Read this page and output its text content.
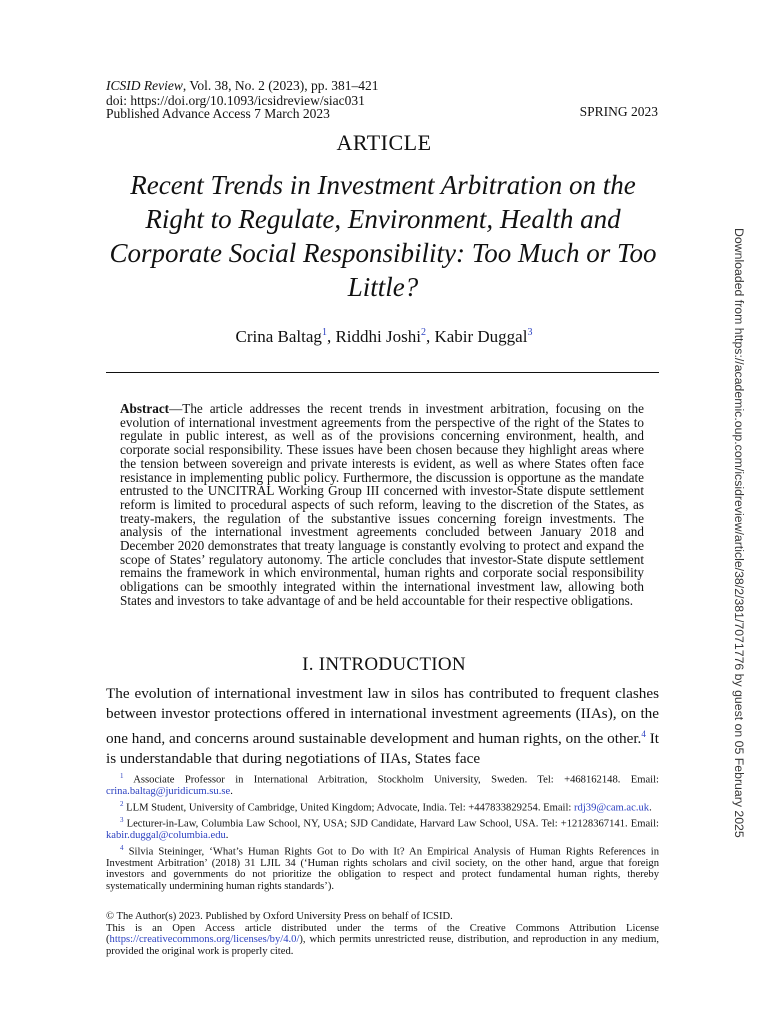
ICSID Review, Vol. 38, No. 2 (2023), pp. 381–421
doi: https://doi.org/10.1093/icsidreview/siac031
Published Advance Access 7 March 2023	SPRING 2023
ARTICLE
Recent Trends in Investment Arbitration on the Right to Regulate, Environment, Health and Corporate Social Responsibility: Too Much or Too Little?
Crina Baltag$^1$, Riddhi Joshi$^2$, Kabir Duggal$^3$
Abstract—The article addresses the recent trends in investment arbitration, focusing on the evolution of international investment agreements from the perspective of the right of the States to regulate in public interest, as well as of the provisions concerning environment, health, and corporate social responsibility. These issues have been chosen because they highlight areas where the tension between sovereign and private interests is evident, as well as where States often face resistance in implementing public policy. Furthermore, the discussion is opportune as the mandate entrusted to the UNCITRAL Working Group III concerned with investor-State dispute settlement reform is limited to procedural aspects of such reform, leaving to the discretion of the States, as treaty-makers, the regulation of the substantive issues concerning foreign investments. The analysis of the international investment agreements concluded between January 2018 and December 2020 demonstrates that treaty language is constantly evolving to protect and expand the scope of States’ regulatory autonomy. The article concludes that investor-State dispute settlement remains the framework in which environmental, human rights and corporate social responsibility obligations can be smoothly integrated within the international investment law, allowing both States and investors to take advantage of and be held accountable for their respective obligations.
I. INTRODUCTION
The evolution of international investment law in silos has contributed to frequent clashes between investor protections offered in international investment agreements (IIAs), on the one hand, and concerns around sustainable development and human rights, on the other.$^4$ It is understandable that during negotiations of IIAs, States face
$^1$ Associate Professor in International Arbitration, Stockholm University, Sweden. Tel: +468162148. Email: crina.baltag@juridicum.su.se.
$^2$ LLM Student, University of Cambridge, United Kingdom; Advocate, India. Tel: +447833829254. Email: rdj39@cam.ac.uk.
$^3$ Lecturer-in-Law, Columbia Law School, NY, USA; SJD Candidate, Harvard Law School, USA. Tel: +12128367141. Email: kabir.duggal@columbia.edu.
$^4$ Silvia Steininger, ‘What’s Human Rights Got to Do with It? An Empirical Analysis of Human Rights References in Investment Arbitration’ (2018) 31 LJIL 34 (‘Human rights scholars and civil society, on the other hand, argue that foreign investors and governments do not prioritize the obligation to respect and protect fundamental human rights, thereby systematically undermining human rights standards’).
© The Author(s) 2023. Published by Oxford University Press on behalf of ICSID.
This is an Open Access article distributed under the terms of the Creative Commons Attribution License (https://creativecommons.org/licenses/by/4.0/), which permits unrestricted reuse, distribution, and reproduction in any medium, provided the original work is properly cited.
Downloaded from https://academic.oup.com/icsidreview/article/38/2/381/7071776 by guest on 05 February 2025
